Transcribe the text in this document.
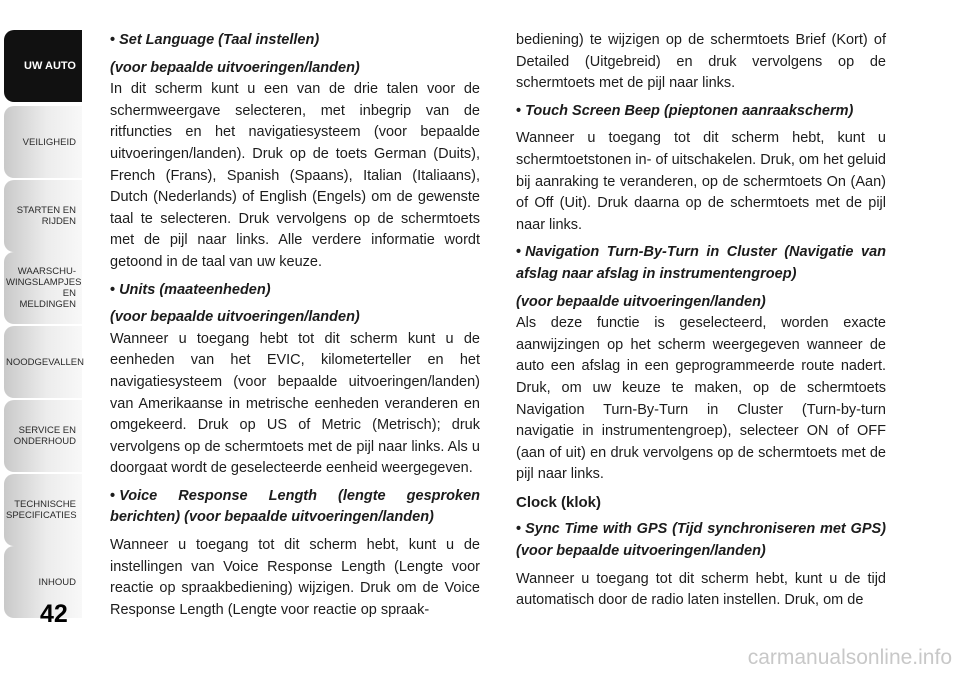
UW AUTO
VEILIGHEID
STARTEN EN RIJDEN
WAARSCHU-WINGSLAMPJES EN MELDINGEN
NOODGEVALLEN
SERVICE EN ONDERHOUD
TECHNISCHE SPECIFICATIES
INHOUD
42

• Set Language (Taal instellen)

(voor bepaalde uitvoeringen/landen)

In dit scherm kunt u een van de drie talen voor de schermweergave selecteren, met inbegrip van de ritfuncties en het navigatiesysteem (voor bepaalde uitvoeringen/landen). Druk op de toets German (Duits), French (Frans), Spanish (Spaans), Italian (Italiaans), Dutch (Nederlands) of English (Engels) om de gewenste taal te selecteren. Druk vervolgens op de schermtoets met de pijl naar links. Alle verdere informatie wordt getoond in de taal van uw keuze.

• Units (maateenheden)

(voor bepaalde uitvoeringen/landen)

Wanneer u toegang hebt tot dit scherm kunt u de eenheden van het EVIC, kilometerteller en het navigatiesysteem (voor bepaalde uitvoeringen/landen) van Amerikaanse in metrische eenheden veranderen en omgekeerd. Druk op US of Metric (Metrisch); druk vervolgens op de schermtoets met de pijl naar links. Als u doorgaat wordt de geselecteerde eenheid weergegeven.

• Voice Response Length (lengte gesproken berichten) (voor bepaalde uitvoeringen/landen)

Wanneer u toegang tot dit scherm hebt, kunt u de instellingen van Voice Response Length (Lengte voor reactie op spraakbediening) wijzigen. Druk om de Voice Response Length (Lengte voor reactie op spraak-

bediening) te wijzigen op de schermtoets Brief (Kort) of Detailed (Uitgebreid) en druk vervolgens op de schermtoets met de pijl naar links.

• Touch Screen Beep (pieptonen aanraakscherm)

Wanneer u toegang tot dit scherm hebt, kunt u schermtoetstonen in- of uitschakelen. Druk, om het geluid bij aanraking te veranderen, op de schermtoets On (Aan) of Off (Uit). Druk daarna op de schermtoets met de pijl naar links.

• Navigation Turn-By-Turn in Cluster (Navigatie van afslag naar afslag in instrumentengroep)

(voor bepaalde uitvoeringen/landen)

Als deze functie is geselecteerd, worden exacte aanwijzingen op het scherm weergegeven wanneer de auto een afslag in een geprogrammeerde route nadert. Druk, om uw keuze te maken, op de schermtoets Navigation Turn-By-Turn in Cluster (Turn-by-turn navigatie in instrumentengroep), selecteer ON of OFF (aan of uit) en druk vervolgens op de schermtoets met de pijl naar links.

Clock (klok)

• Sync Time with GPS (Tijd synchroniseren met GPS) (voor bepaalde uitvoeringen/landen)

Wanneer u toegang tot dit scherm hebt, kunt u de tijd automatisch door de radio laten instellen. Druk, om de

carmanualsonline.info
